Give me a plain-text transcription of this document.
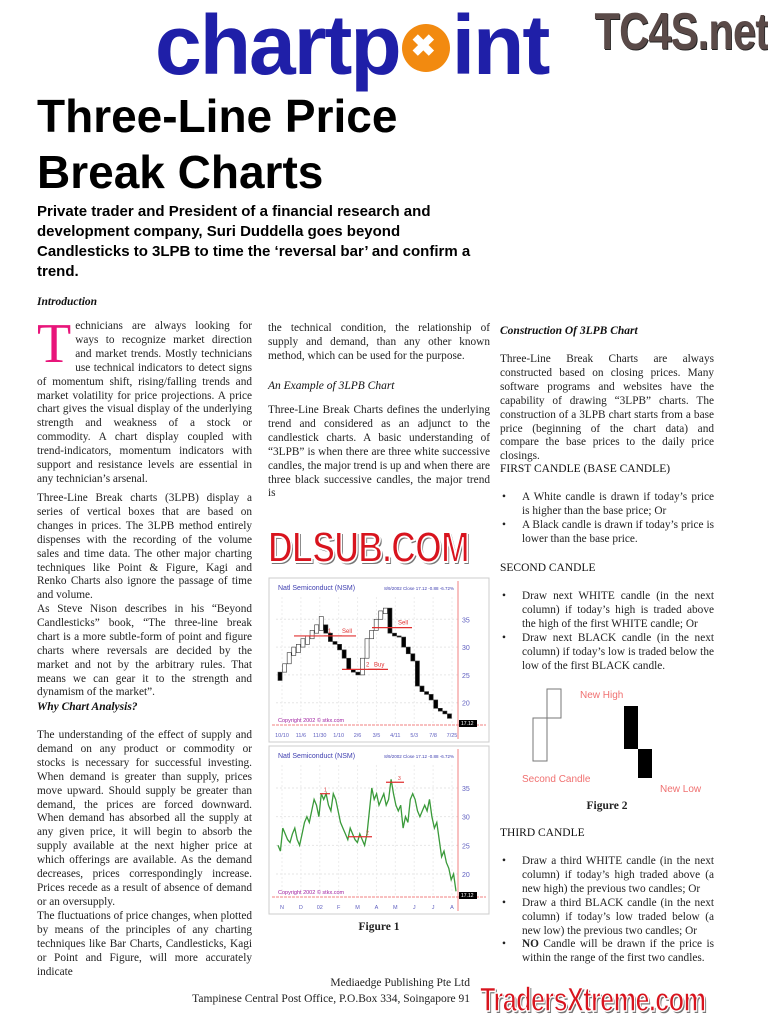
chartp ✖ int TC4S.net
Three-Line Price
Break Charts
Private trader and President of a financial research and development company, Suri Duddella goes beyond Candlesticks to 3LPB to time the ‘reversal bar’ and confirm a trend.

Introduction

T echnicians are always looking for ways to recognize market direction and market trends. Mostly technicians use technical indicators to detect signs of momentum shift, rising/falling trends and market volatility for price projections. A price chart gives the visual display of the underlying strength and weakness of a stock or commodity. A chart display coupled with trend-indicators, momentum indicators with support and resistance levels are essential in any technician’s arsenal.

Three-Line Break charts (3LPB) display a series of vertical boxes that are based on changes in prices. The 3LPB method entirely dispenses with the recording of the volume sales and time data. The other major charting techniques like Point & Figure, Kagi and Renko Charts also ignore the passage of time and volume.

As Steve Nison describes in his “Beyond Candlesticks” book, “The three-line break chart is a more subtle-form of point and figure charts where reversals are decided by the market and not by the arbitrary rules. That means we can gear it to the strength and dynamism of the market”.

Why Chart Analysis?

The understanding of the effect of supply and demand on any product or commodity or stocks is necessary for successful investing. When demand is greater than supply, prices move upward. Should supply be greater than demand, the prices are forced downward. When demand has absorbed all the supply at any given price, it will begin to absorb the supply available at the next higher price at which offerings are available. As the demand decreases, prices correspondingly increase. Prices recede as a result of absence of demand or an oversupply.

The fluctuations of price changes, when plotted by means of the principles of any charting techniques like Bar Charts, Candlesticks, Kagi or Point and Figure, will more accurately indicate

the technical condition, the relationship of supply and demand, than any other known method, which can be used for the purpose.

An Example of 3LPB Chart

Three-Line Break Charts defines the underlying trend and considered as an adjunct to the candlestick charts. A basic understanding of “3LPB” is when there are three white successive candles, the major trend is up and when there are three black successive candles, the major trend is

DLSUB.COM
20
25
30
35
10/10 11/6 11/30 1/10 2/6 3/5 4/11 5/3 7/8 7/25
Natl Semiconduct (NSM)	8/9/2002 Close 17.12 -0.88 -6.72%
Copyright 2002 © stkx.com	17.12
1 Sell
2 Buy
Sell
20
25
30
35
N	D	02	F	M	A	M	J	J	A
Natl Semiconduct (NSM)	8/9/2002 Close 17.12 -0.88 -6.72%
Copyright 2002 © stkx.com	17.12
1
2
3
Figure 1

Construction Of 3LPB Chart

Three-Line Break Charts are always constructed based on closing prices. Many software programs and websites have the capability of drawing “3LPB” charts. The construction of a 3LPB chart starts from a base price (beginning of the chart data) and compare the base prices to the daily price closings.

FIRST CANDLE (BASE CANDLE)

• A White candle is drawn if today’s price is higher than the base price; Or
• A Black candle is drawn if today’s price is lower than the base price.

SECOND CANDLE

• Draw next WHITE candle (in the next column) if today’s high is traded above the high of the first WHITE candle; Or
• Draw next BLACK candle (in the next column) if today’s low is traded below the low of the first BLACK candle.
New High
Second Candle
New Low
Figure 2

THIRD CANDLE

• Draw a third WHITE candle (in the next column) if today’s high traded above (a new high) the previous two candles; Or
• Draw a third BLACK candle (in the next column) if today’s low traded below (a new low) the previous two candles; Or
• NO Candle will be drawn if the price is within the range of the first two candles.
Mediaedge Publishing Pte Ltd
Tampinese Central Post Office, P.O.Box 334, Soingapore 91 TradersXtreme.com
